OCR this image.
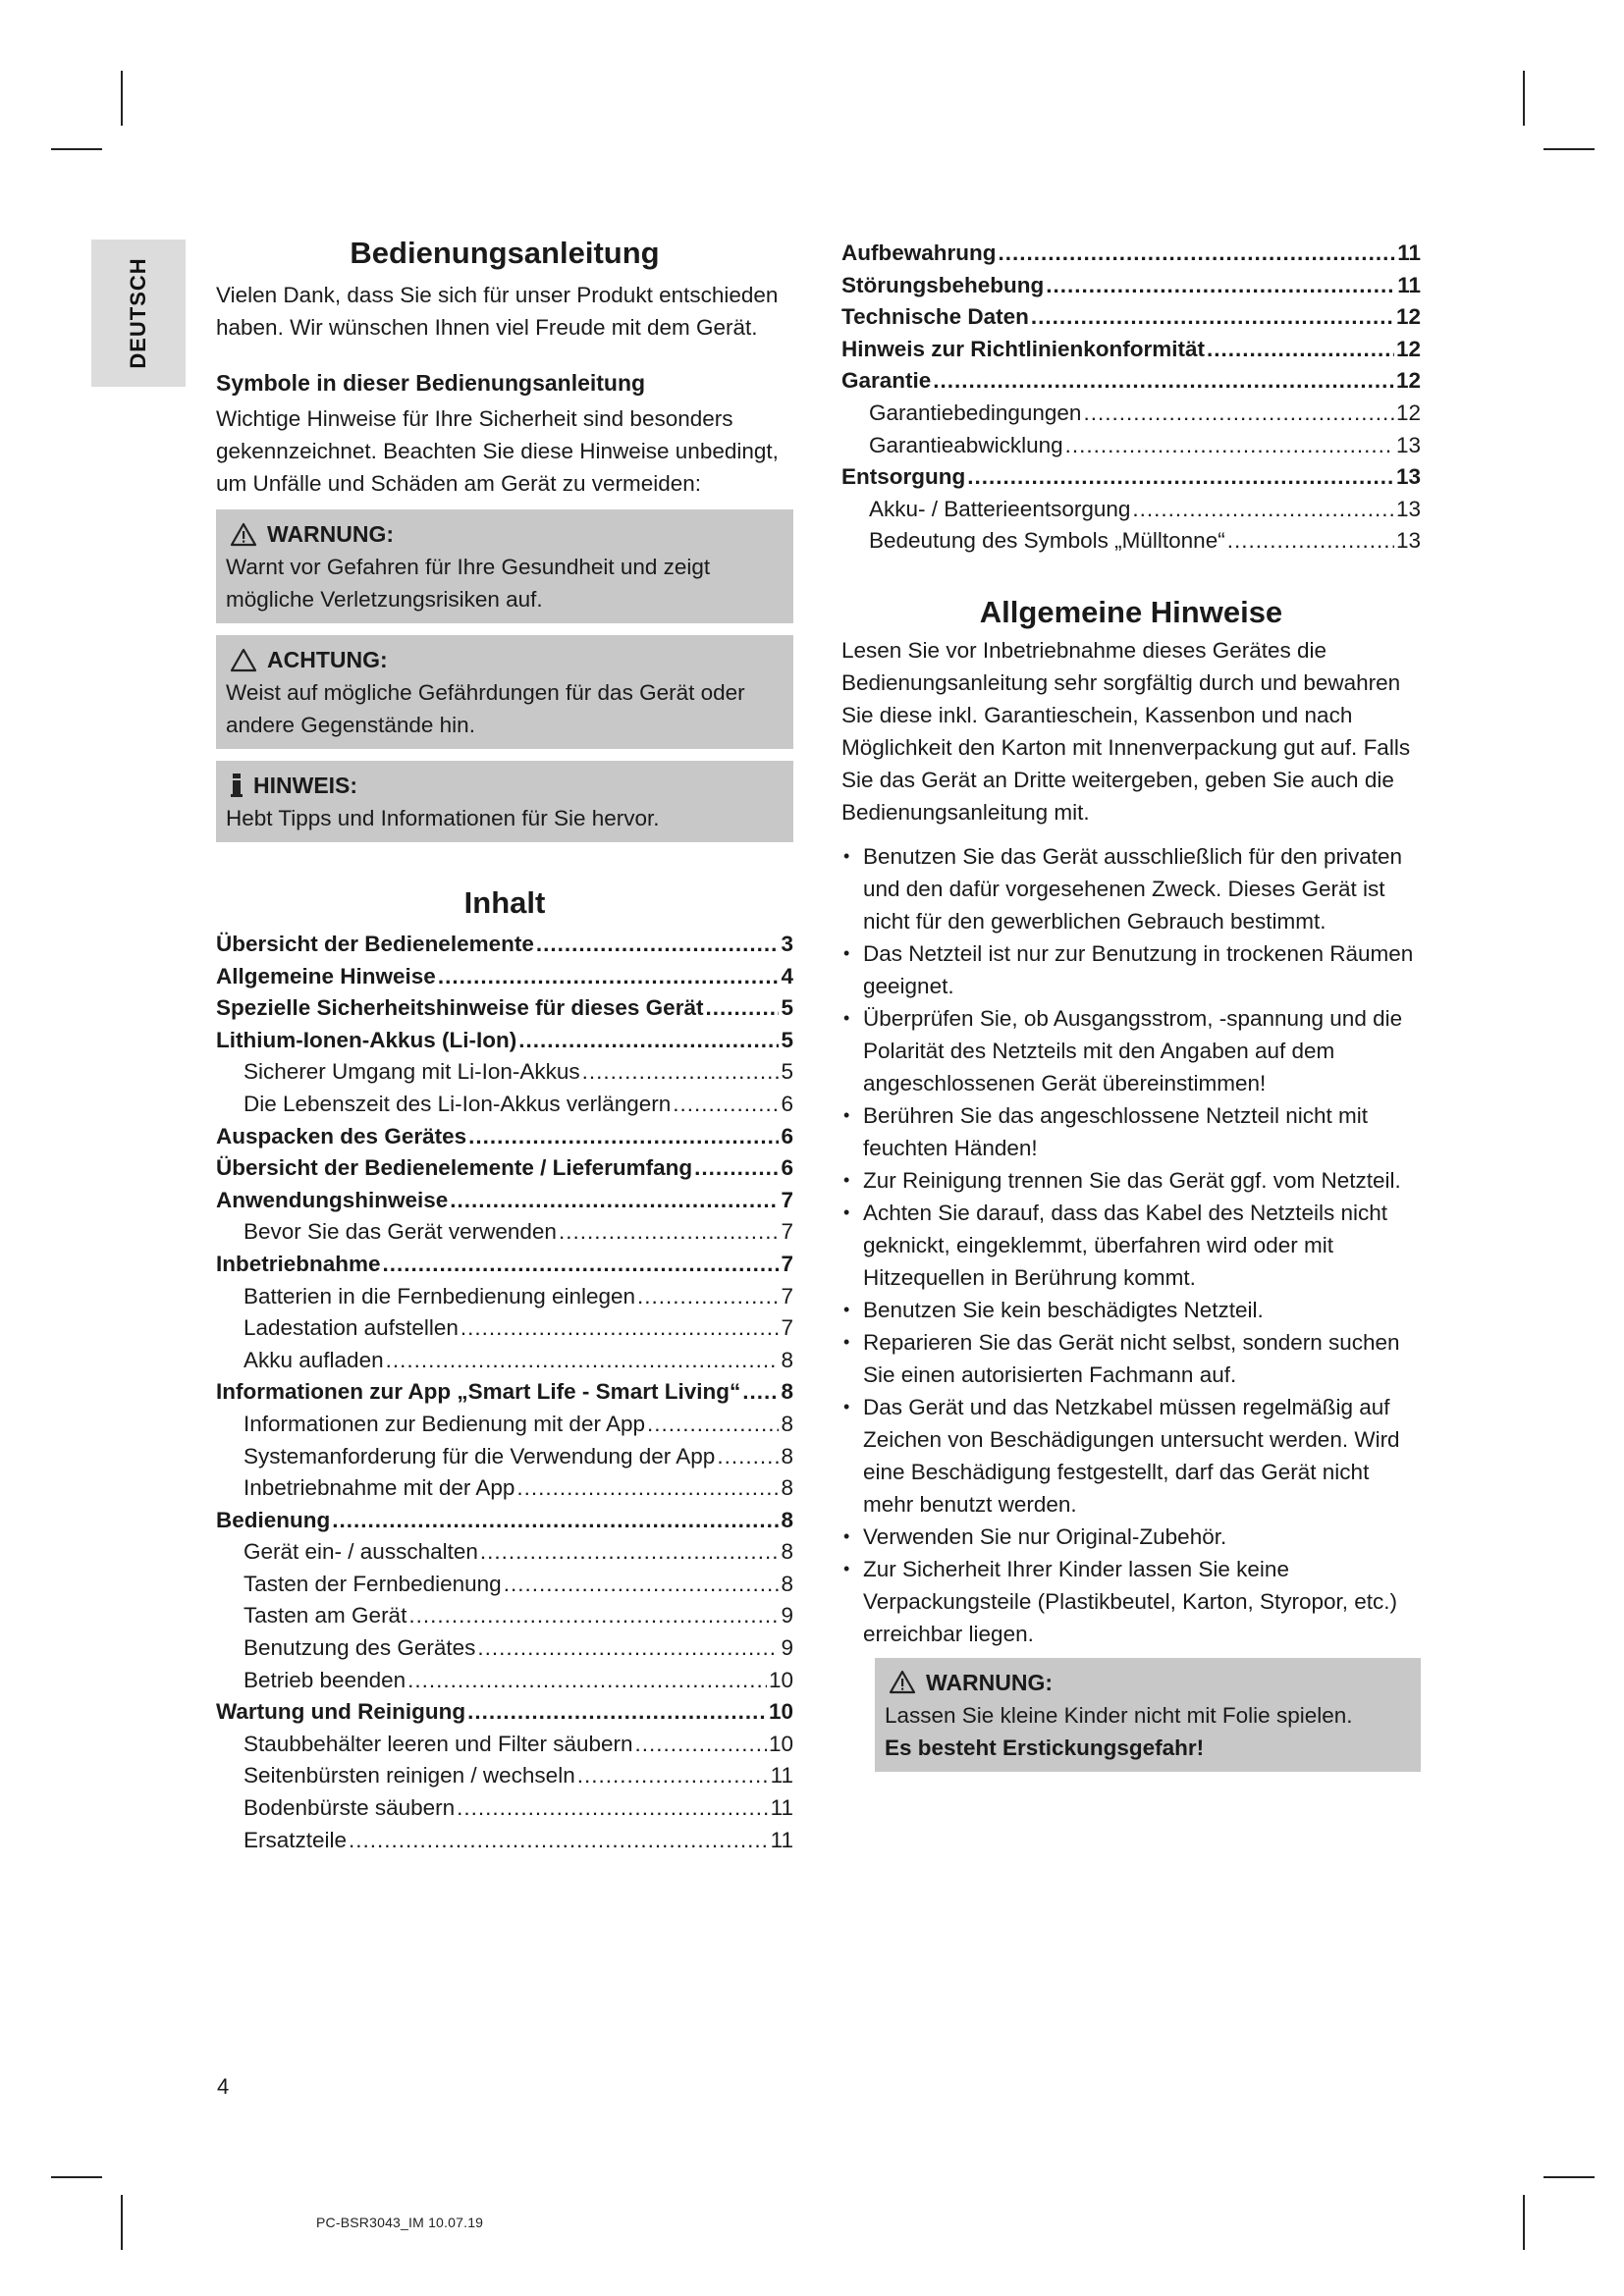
DEUTSCH
Bedienungsanleitung

Vielen Dank, dass Sie sich für unser Produkt entschieden haben. Wir wünschen Ihnen viel Freude mit dem Gerät.

Symbole in dieser Bedienungsanleitung

Wichtige Hinweise für Ihre Sicherheit sind besonders gekennzeichnet. Beachten Sie diese Hinweise unbedingt, um Unfälle und Schäden am Gerät zu vermeiden:

WARNUNG:
Warnt vor Gefahren für Ihre Gesundheit und zeigt mögliche Verletzungsrisiken auf.
ACHTUNG:
Weist auf mögliche Gefährdungen für das Gerät oder andere Gegenstände hin.
HINWEIS:
Hebt Tipps und Informationen für Sie hervor.
Inhalt
Übersicht der Bedienelemente .....	3
Allgemeine Hinweise .....	4
Spezielle Sicherheitshinweise für dieses Gerät .....	5
Lithium-Ionen-Akkus (Li-Ion) .....	5
Sicherer Umgang mit Li-Ion-Akkus .....	5
Die Lebenszeit des Li-Ion-Akkus verlängern .....	6
Auspacken des Gerätes .....	6
Übersicht der Bedienelemente / Lieferumfang .....	6
Anwendungshinweise .....	7
Bevor Sie das Gerät verwenden .....	7
Inbetriebnahme .....	7
Batterien in die Fernbedienung einlegen .....	7
Ladestation aufstellen .....	7
Akku aufladen .....	8
Informationen zur App „Smart Life - Smart Living“ ..... 8
Informationen zur Bedienung mit der App .....	8
Systemanforderung für die Verwendung der App .....	8
Inbetriebnahme mit der App .....	8
Bedienung .....	8
Gerät ein- / ausschalten .....	8
Tasten der Fernbedienung .....	8
Tasten am Gerät .....	9
Benutzung des Gerätes .....	9
Betrieb beenden .....	10
Wartung und Reinigung .....	10
Staubbehälter leeren und Filter säubern .....	10
Seitenbürsten reinigen / wechseln .....	11
Bodenbürste säubern .....	11
Ersatzteile .....	11
Aufbewahrung .....	11
Störungsbehebung .....	11
Technische Daten .....	12
Hinweis zur Richtlinienkonformität .....	12
Garantie .....	12
Garantiebedingungen .....	12
Garantieabwicklung .....	13
Entsorgung .....	13
Akku- / Batterieentsorgung .....	13
Bedeutung des Symbols „Mülltonne“ .....	13
Allgemeine Hinweise

Lesen Sie vor Inbetriebnahme dieses Gerätes die Bedienungsanleitung sehr sorgfältig durch und bewahren Sie diese inkl. Garantieschein, Kassenbon und nach Möglichkeit den Karton mit Innenverpackung gut auf. Falls Sie das Gerät an Dritte weitergeben, geben Sie auch die Bedienungsanleitung mit.

• Benutzen Sie das Gerät ausschließlich für den privaten und den dafür vorgesehenen Zweck. Dieses Gerät ist nicht für den gewerblichen Gebrauch bestimmt.
• Das Netzteil ist nur zur Benutzung in trockenen Räumen geeignet.
• Überprüfen Sie, ob Ausgangsstrom, -spannung und die Polarität des Netzteils mit den Angaben auf dem angeschlossenen Gerät übereinstimmen!
• Berühren Sie das angeschlossene Netzteil nicht mit feuchten Händen!
• Zur Reinigung trennen Sie das Gerät ggf. vom Netzteil.
• Achten Sie darauf, dass das Kabel des Netzteils nicht geknickt, eingeklemmt, überfahren wird oder mit Hitzequellen in Berührung kommt.
• Benutzen Sie kein beschädigtes Netzteil.
• Reparieren Sie das Gerät nicht selbst, sondern suchen Sie einen autorisierten Fachmann auf.
• Das Gerät und das Netzkabel müssen regelmäßig auf Zeichen von Beschädigungen untersucht werden. Wird eine Beschädigung festgestellt, darf das Gerät nicht mehr benutzt werden.
• Verwenden Sie nur Original-Zubehör.
• Zur Sicherheit Ihrer Kinder lassen Sie keine Verpackungsteile (Plastikbeutel, Karton, Styropor, etc.) erreichbar liegen.
WARNUNG:
Lassen Sie kleine Kinder nicht mit Folie spielen.
Es besteht Erstickungsgefahr!
4
PC-BSR3043_IM 10.07.19
